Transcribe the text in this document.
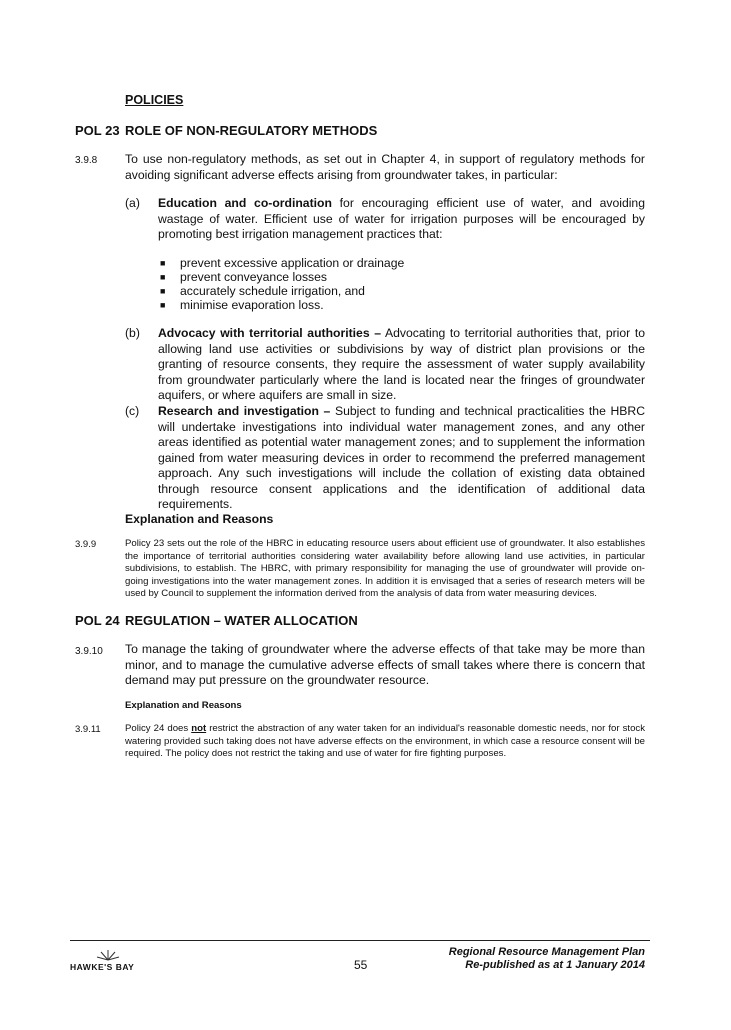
POLICIES
POL 23 ROLE OF NON-REGULATORY METHODS
3.9.8 To use non-regulatory methods, as set out in Chapter 4, in support of regulatory methods for avoiding significant adverse effects arising from groundwater takes, in particular:
(a) Education and co-ordination for encouraging efficient use of water, and avoiding wastage of water. Efficient use of water for irrigation purposes will be encouraged by promoting best irrigation management practices that:
■ prevent excessive application or drainage
■ prevent conveyance losses
■ accurately schedule irrigation, and
■ minimise evaporation loss.
(b) Advocacy with territorial authorities – Advocating to territorial authorities that, prior to allowing land use activities or subdivisions by way of district plan provisions or the granting of resource consents, they require the assessment of water supply availability from groundwater particularly where the land is located near the fringes of groundwater aquifers, or where aquifers are small in size.
(c) Research and investigation – Subject to funding and technical practicalities the HBRC will undertake investigations into individual water management zones, and any other areas identified as potential water management zones; and to supplement the information gained from water measuring devices in order to recommend the preferred management approach. Any such investigations will include the collation of existing data obtained through resource consent applications and the identification of additional data requirements.
Explanation and Reasons
3.9.9	Policy 23 sets out the role of the HBRC in educating resource users about efficient use of groundwater. It also establishes the importance of territorial authorities considering water availability before allowing land use activities, in particular subdivisions, to establish. The HBRC, with primary responsibility for managing the use of groundwater will provide on-going investigations into the water management zones. In addition it is envisaged that a series of research meters will be used by Council to supplement the information derived from the analysis of data from water measuring devices.
POL 24 REGULATION – WATER ALLOCATION
3.9.10 To manage the taking of groundwater where the adverse effects of that take may be more than minor, and to manage the cumulative adverse effects of small takes where there is concern that demand may put pressure on the groundwater resource.
Explanation and Reasons
3.9.11	Policy 24 does not restrict the abstraction of any water taken for an individual's reasonable domestic needs, nor for stock watering provided such taking does not have adverse effects on the environment, in which case a resource consent will be required. The policy does not restrict the taking and use of water for fire fighting purposes.
HAWKE'S BAY	55
Regional Resource Management Plan
Re-published as at 1 January 2014
